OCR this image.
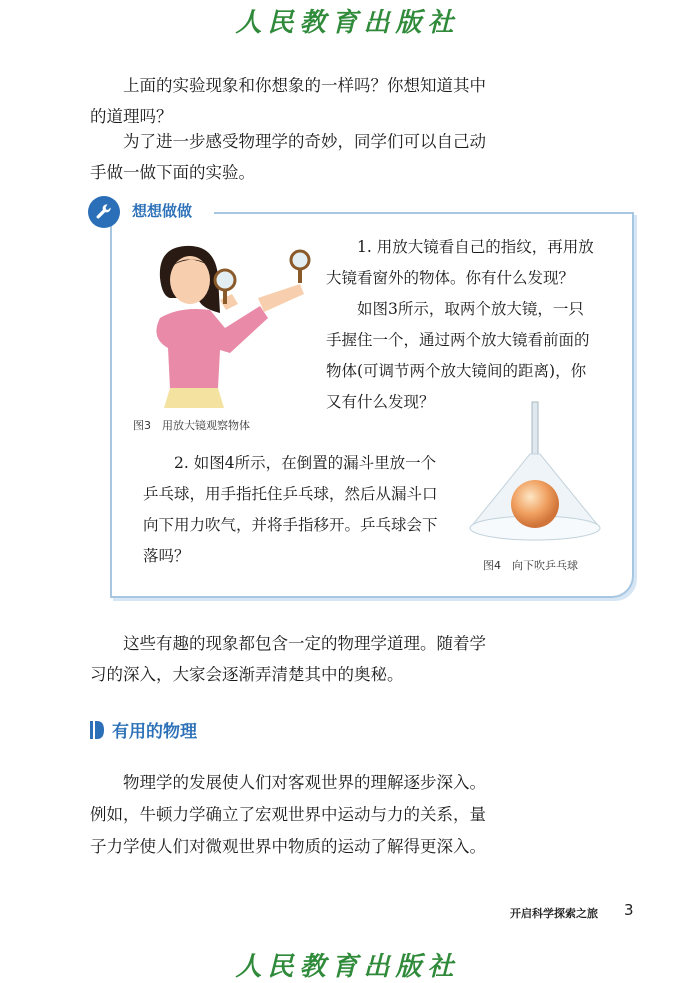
人民教育出版社

上面的实验现象和你想象的一样吗？你想知道其中的道理吗？

为了进一步感受物理学的奇妙，同学们可以自己动手做一做下面的实验。

想想做做
图3　用放大镜观察物体

1. 用放大镜看自己的指纹，再用放大镜看窗外的物体。你有什么发现？

如图3所示，取两个放大镜，一只手握住一个，通过两个放大镜看前面的物体(可调节两个放大镜间的距离)，你又有什么发现？

2. 如图4所示，在倒置的漏斗里放一个乒乓球，用手指托住乒乓球，然后从漏斗口向下用力吹气，并将手指移开。乒乓球会下落吗？

图4　向下吹乒乓球

这些有趣的现象都包含一定的物理学道理。随着学习的深入，大家会逐渐弄清楚其中的奥秘。

有用的物理

物理学的发展使人们对客观世界的理解逐步深入。例如，牛顿力学确立了宏观世界中运动与力的关系，量子力学使人们对微观世界中物质的运动了解得更深入。

开启科学探索之旅 3
人民教育出版社
